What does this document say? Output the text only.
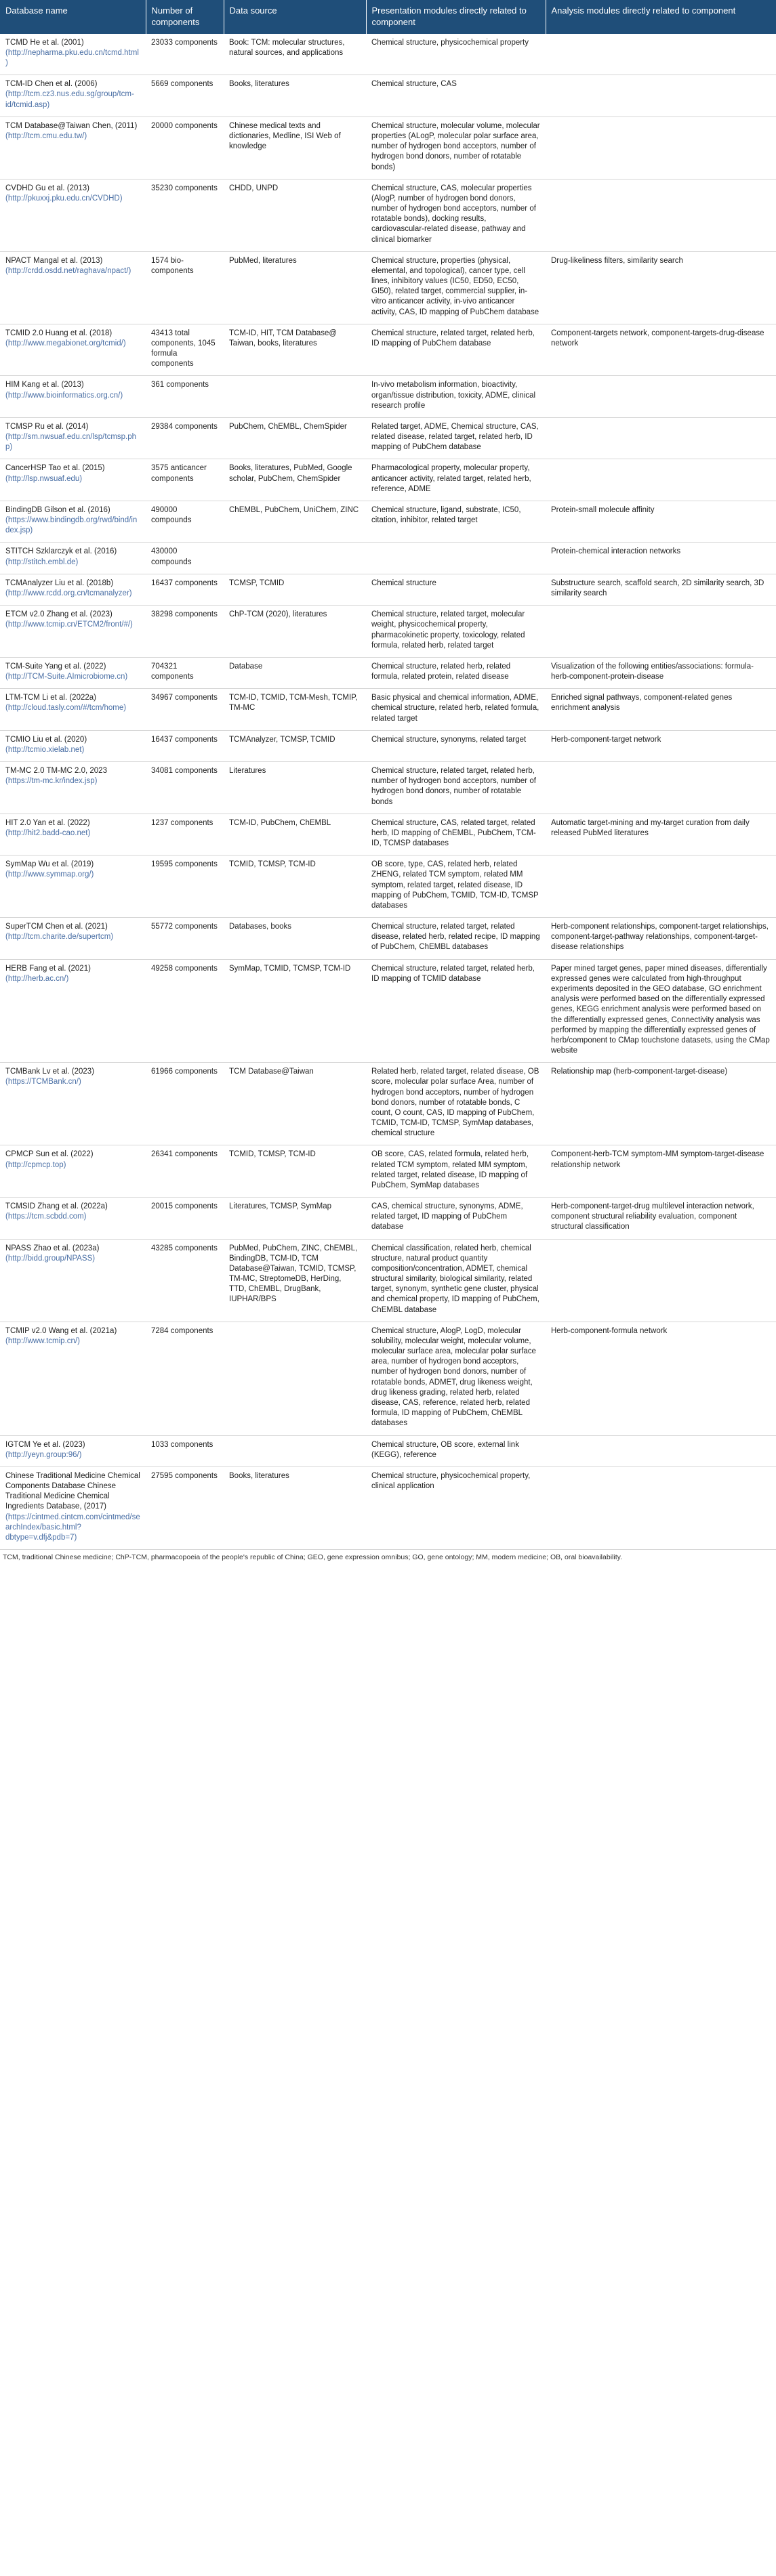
Database name	Number of components	Data source	Presentation modules directly related to component	Analysis modules directly related to component
TCMD He et al. (2001) (http://nepharma.pku.edu.cn/tcmd.html)	23033 components	Book: TCM: molecular structures, natural sources, and applications	Chemical structure, physicochemical property	
TCM-ID Chen et al. (2006) (http://tcm.cz3.nus.edu.sg/group/tcm-id/tcmid.asp)	5669 components	Books, literatures	Chemical structure, CAS	
TCM Database@Taiwan Chen, (2011) (http://tcm.cmu.edu.tw/)	20000 components	Chinese medical texts and dictionaries, Medline, ISI Web of knowledge	Chemical structure, molecular volume, molecular properties (ALogP, molecular polar surface area, number of hydrogen bond acceptors, number of hydrogen bond donors, number of rotatable bonds)	
CVDHD Gu et al. (2013) (http://pkuxxj.pku.edu.cn/CVDHD)	35230 components	CHDD, UNPD	Chemical structure, CAS, molecular properties (AlogP, number of hydrogen bond donors, number of hydrogen bond acceptors, number of rotatable bonds), docking results, cardiovascular-related disease, pathway and clinical biomarker	
NPACT Mangal et al. (2013) (http://crdd.osdd.net/raghava/npact/)	1574 bio- components	PubMed, literatures	Chemical structure, properties (physical, elemental, and topological), cancer type, cell lines, inhibitory values (IC50, ED50, EC50, GI50), related target, commercial supplier, in-vitro anticancer activity, in-vivo anticancer activity, CAS, ID mapping of PubChem database	Drug-likeliness filters, similarity search
TCMID 2.0 Huang et al. (2018) (http://www.megabionet.org/tcmid/)	43413 total components, 1045 formula components	TCM-ID, HIT, TCM Database@ Taiwan, books, literatures	Chemical structure, related target, related herb, ID mapping of PubChem database	Component-targets network, component-targets-drug-disease network
HIM Kang et al. (2013) (http://www.bioinformatics.org.cn/)	361 components		In-vivo metabolism information, bioactivity, organ/tissue distribution, toxicity, ADME, clinical research profile	
TCMSP Ru et al. (2014) (http://sm.nwsuaf.edu.cn/lsp/tcmsp.php)	29384 components	PubChem, ChEMBL, ChemSpider	Related target, ADME, Chemical structure, CAS, related disease, related target, related herb, ID mapping of PubChem database	
CancerHSP Tao et al. (2015) (http://lsp.nwsuaf.edu)	3575 anticancer components	Books, literatures, PubMed, Google scholar, PubChem, ChemSpider	Pharmacological property, molecular property, anticancer activity, related target, related herb, reference, ADME	
BindingDB Gilson et al. (2016) (https://www.bindingdb.org/rwd/bind/index.jsp)	490000 compounds	ChEMBL, PubChem, UniChem, ZINC	Chemical structure, ligand, substrate, IC50, citation, inhibitor, related target	Protein-small molecule affinity
STITCH Szklarczyk et al. (2016) (http://stitch.embl.de)	430000 compounds			Protein-chemical interaction networks
TCMAnalyzer Liu et al. (2018b) (http://www.rcdd.org.cn/tcmanalyzer)	16437 components	TCMSP, TCMID	Chemical structure	Substructure search, scaffold search, 2D similarity search, 3D similarity search
ETCM v2.0 Zhang et al. (2023) (http://www.tcmip.cn/ETCM2/front/#/)	38298 components	ChP-TCM (2020), literatures	Chemical structure, related target, molecular weight, physicochemical property, pharmacokinetic property, toxicology, related formula, related herb, related target	
TCM-Suite Yang et al. (2022) (http://TCM-Suite.AImicrobiome.cn)	704321 components	Database	Chemical structure, related herb, related formula, related protein, related disease	Visualization of the following entities/associations: formula-herb-component-protein-disease
LTM-TCM Li et al. (2022a) (http://cloud.tasly.com/#/tcm/home)	34967 components	TCM-ID, TCMID, TCM-Mesh, TCMIP, TM-MC	Basic physical and chemical information, ADME, chemical structure, related herb, related formula, related target	Enriched signal pathways, component-related genes enrichment analysis
TCMIO Liu et al. (2020) (http://tcmio.xielab.net)	16437 components	TCMAnalyzer, TCMSP, TCMID	Chemical structure, synonyms, related target	Herb-component-target network
TM-MC 2.0 TM-MC 2.0, 2023 (https://tm-mc.kr/index.jsp)	34081 components	Literatures	Chemical structure, related target, related herb, number of hydrogen bond acceptors, number of hydrogen bond donors, number of rotatable bonds	
HIT 2.0 Yan et al. (2022) (http://hit2.badd-cao.net)	1237 components	TCM-ID, PubChem, ChEMBL	Chemical structure, CAS, related target, related herb, ID mapping of ChEMBL, PubChem, TCM-ID, TCMSP databases	Automatic target-mining and my-target curation from daily released PubMed literatures
SymMap Wu et al. (2019) (http://www.symmap.org/)	19595 components	TCMID, TCMSP, TCM-ID	OB score, type, CAS, related herb, related ZHENG, related TCM symptom, related MM symptom, related target, related disease, ID mapping of PubChem, TCMID, TCM-ID, TCMSP databases	
SuperTCM Chen et al. (2021) (http://tcm.charite.de/supertcm)	55772 components	Databases, books	Chemical structure, related target, related disease, related herb, related recipe, ID mapping of PubChem, ChEMBL databases	Herb-component relationships, component-target relationships, component-target-pathway relationships, component-target-disease relationships
HERB Fang et al. (2021) (http://herb.ac.cn/)	49258 components	SymMap, TCMID, TCMSP, TCM-ID	Chemical structure, related target, related herb, ID mapping of TCMID database	Paper mined target genes, paper mined diseases, differentially expressed genes were calculated from high-throughput experiments deposited in the GEO database, GO enrichment analysis were performed based on the differentially expressed genes, KEGG enrichment analysis were performed based on the differentially expressed genes, Connectivity analysis was performed by mapping the differentially expressed genes of herb/component to CMap touchstone datasets, using the CMap website
TCMBank Lv et al. (2023) (https://TCMBank.cn/)	61966 components	TCM Database@Taiwan	Related herb, related target, related disease, OB score, molecular polar surface Area, number of hydrogen bond acceptors, number of hydrogen bond donors, number of rotatable bonds, C count, O count, CAS, ID mapping of PubChem, TCMID, TCM-ID, TCMSP, SymMap databases, chemical structure	Relationship map (herb-component-target-disease)
CPMCP Sun et al. (2022) (http://cpmcp.top)	26341 components	TCMID, TCMSP, TCM-ID	OB score, CAS, related formula, related herb, related TCM symptom, related MM symptom, related target, related disease, ID mapping of PubChem, SymMap databases	Component-herb-TCM symptom-MM symptom-target-disease relationship network
TCMSID Zhang et al. (2022a) (https://tcm.scbdd.com)	20015 components	Literatures, TCMSP, SymMap	CAS, chemical structure, synonyms, ADME, related target, ID mapping of PubChem database	Herb-component-target-drug multilevel interaction network, component structural reliability evaluation, component structural classification
NPASS Zhao et al. (2023a) (http://bidd.group/NPASS)	43285 components	PubMed, PubChem, ZINC, ChEMBL, BindingDB, TCM-ID, TCM Database@Taiwan, TCMID, TCMSP, TM-MC, StreptomeDB, HerDing, TTD, ChEMBL, DrugBank, IUPHAR/BPS	Chemical classification, related herb, chemical structure, natural product quantity composition/concentration, ADMET, chemical structural similarity, biological similarity, related target, synonym, synthetic gene cluster, physical and chemical property, ID mapping of PubChem, ChEMBL database	
TCMIP v2.0 Wang et al. (2021a) (http://www.tcmip.cn/)	7284 components		Chemical structure, AlogP, LogD, molecular solubility, molecular weight, molecular volume, molecular surface area, molecular polar surface area, number of hydrogen bond acceptors, number of hydrogen bond donors, number of rotatable bonds, ADMET, drug likeness weight, drug likeness grading, related herb, related disease, CAS, reference, related herb, related formula, ID mapping of PubChem, ChEMBL databases	Herb-component-formula network
IGTCM Ye et al. (2023) (http://yeyn.group:96/)	1033 components		Chemical structure, OB score, external link (KEGG), reference	
Chinese Traditional Medicine Chemical Components Database Chinese Traditional Medicine Chemical Ingredients Database, (2017) (https://cintmed.cintcm.com/cintmed/searchIndex/basic.html?dbtype=v.dfj&pdb=7)	27595 components	Books, literatures	Chemical structure, physicochemical property, clinical application	
TCM, traditional Chinese medicine; ChP-TCM, pharmacopoeia of the people's republic of China; GEO, gene expression omnibus; GO, gene ontology; MM, modern medicine; OB, oral bioavailability.
